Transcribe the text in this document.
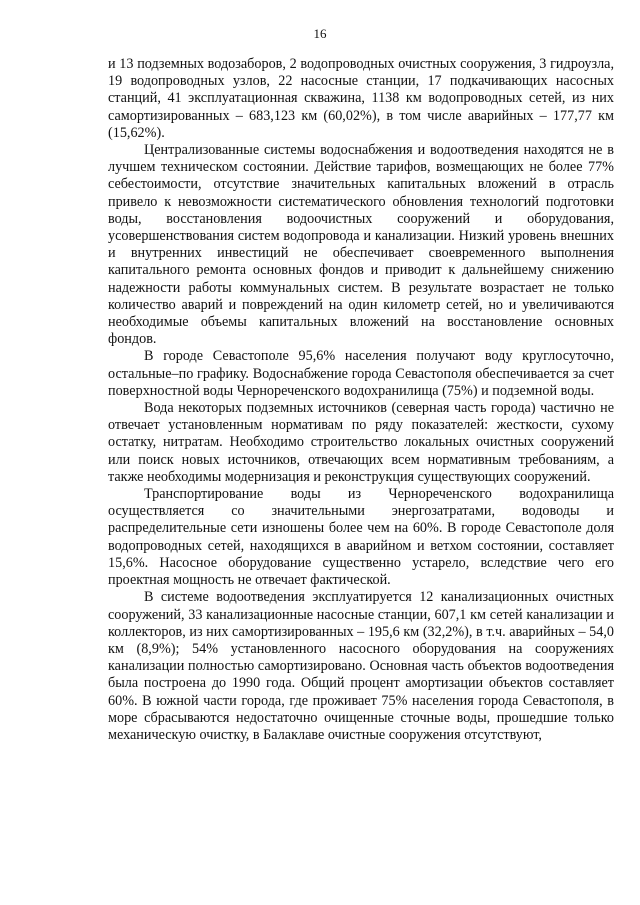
16

и 13 подземных водозаборов, 2 водопроводных очистных сооружения, 3 гидроузла, 19 водопроводных узлов, 22 насосные станции, 17 подкачивающих насосных станций, 41 эксплуатационная скважина, 1138 км водопроводных сетей, из них самортизированных – 683,123 км (60,02%), в том числе аварийных – 177,77 км (15,62%).

Централизованные системы водоснабжения и водоотведения находятся не в лучшем техническом состоянии. Действие тарифов, возмещающих не более 77% себестоимости, отсутствие значительных капитальных вложений в отрасль привело к невозможности систематического обновления технологий подготовки воды, восстановления водоочистных сооружений и оборудования, усовершенствования систем водопровода и канализации. Низкий уровень внешних и внутренних инвестиций не обеспечивает своевременного выполнения капитального ремонта основных фондов и приводит к дальнейшему снижению надежности работы коммунальных систем. В результате возрастает не только количество аварий и повреждений на один километр сетей, но и увеличиваются необходимые объемы капитальных вложений на восстановление основных фондов.

В городе Севастополе 95,6% населения получают воду круглосуточно, остальные–по графику. Водоснабжение города Севастополя обеспечивается за счет поверхностной воды Чернореченского водохранилища (75%) и подземной воды.

Вода некоторых подземных источников (северная часть города) частично не отвечает установленным нормативам по ряду показателей: жесткости, сухому остатку, нитратам. Необходимо строительство локальных очистных сооружений или поиск новых источников, отвечающих всем нормативным требованиям, а также необходимы модернизация и реконструкция существующих сооружений.

Транспортирование воды из Чернореченского водохранилища осуществляется со значительными энергозатратами, водоводы и распределительные сети изношены более чем на 60%. В городе Севастополе доля водопроводных сетей, находящихся в аварийном и ветхом состоянии, составляет 15,6%. Насосное оборудование существенно устарело, вследствие чего его проектная мощность не отвечает фактической.

В системе водоотведения эксплуатируется 12 канализационных очистных сооружений, 33 канализационные насосные станции, 607,1 км сетей канализации и коллекторов, из них самортизированных – 195,6 км (32,2%), в т.ч. аварийных – 54,0 км (8,9%); 54% установленного насосного оборудования на сооружениях канализации полностью самортизировано. Основная часть объектов водоотведения была построена до 1990 года. Общий процент амортизации объектов составляет 60%. В южной части города, где проживает 75% населения города Севастополя, в море сбрасываются недостаточно очищенные сточные воды, прошедшие только механическую очистку, в Балаклаве очистные сооружения отсутствуют,
